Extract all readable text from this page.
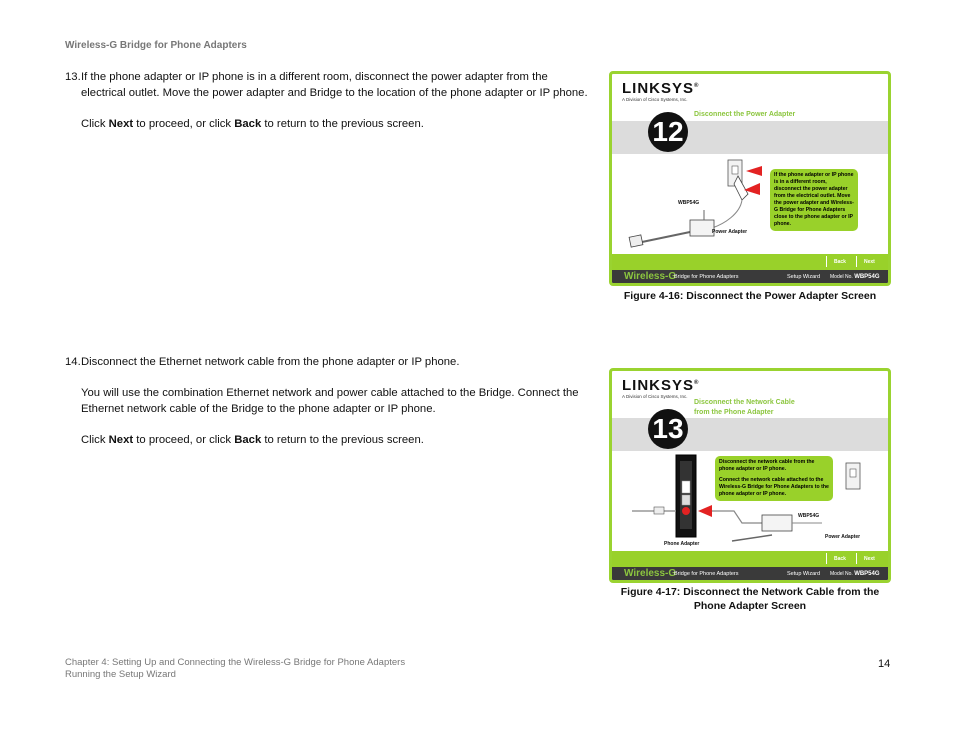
Wireless-G Bridge for Phone Adapters
13. If the phone adapter or IP phone is in a different room, disconnect the power adapter from the electrical outlet. Move the power adapter and Bridge to the location of the phone adapter or IP phone.

Click Next to proceed, or click Back to return to the previous screen.

14. Disconnect the Ethernet network cable from the phone adapter or IP phone.

You will use the combination Ethernet network and power cable attached to the Bridge. Connect the Ethernet network cable of the Bridge to the phone adapter or IP phone.

Click Next to proceed, or click Back to return to the previous screen.

LINKSYS®
A Division of Cisco Systems, Inc.
Disconnect the Power Adapter
12
WBP54G
Power Adapter
If the phone adapter or IP phone is in a different room, disconnect the power adapter from the electrical outlet. Move the power adapter and Wireless-G Bridge for Phone Adapters close to the phone adapter or IP phone.
Back	Next
Wireless-G
Bridge for Phone Adapters	Setup Wizard Model No. WBP54G
Figure 4-16: Disconnect the Power Adapter Screen
LINKSYS®
A Division of Cisco Systems, Inc.
Disconnect the Network Cable
from the Phone Adapter
13
Disconnect the network cable from the phone adapter or IP phone.
Connect the network cable attached to the Wireless-G Bridge for Phone Adapters to the phone adapter or IP phone.
WBP54G
Phone Adapter
Power Adapter
Back	Next
Wireless-G
Bridge for Phone Adapters	Setup Wizard Model No. WBP54G
Figure 4-17: Disconnect the Network Cable from the
Phone Adapter Screen
Chapter 4: Setting Up and Connecting the Wireless-G Bridge for Phone Adapters
Running the Setup Wizard
14
